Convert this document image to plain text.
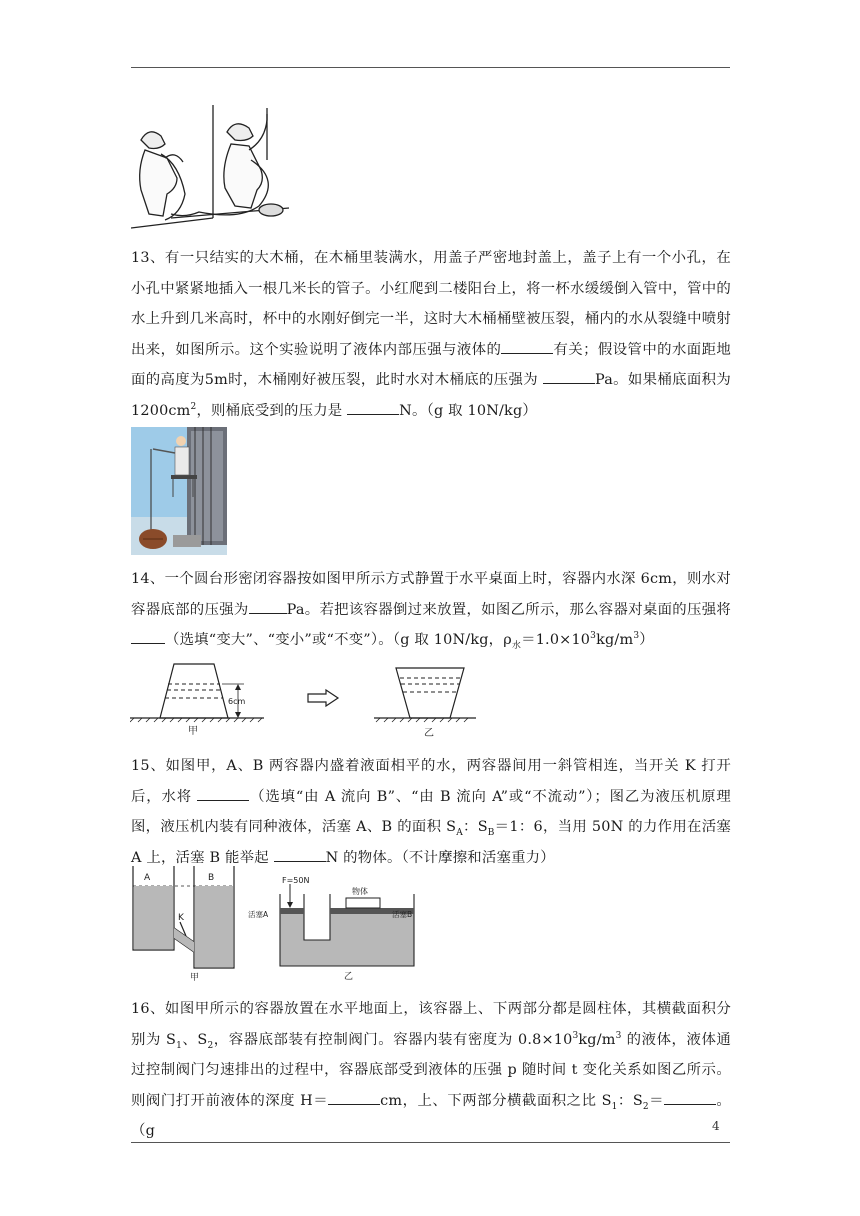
13、有一只结实的大木桶，在木桶里装满水，用盖子严密地封盖上，盖子上有一个小孔，在小孔中紧紧地插入一根几米长的管子。小红爬到二楼阳台上，将一杯水缓缓倒入管中，管中的水上升到几米高时，杯中的水刚好倒完一半，这时大木桶桶壁被压裂，桶内的水从裂缝中喷射出来，如图所示。这个实验说明了液体内部压强与液体的	有关；假设管中的水面距地面的高度为5m时，木桶刚好被压裂，此时水对木桶底的压强为	Pa。如果桶底面积为$1200cm^2$，则桶底受到的压力是	N。（g 取 10N/kg）
14、一个圆台形密闭容器按如图甲所示方式静置于水平桌面上时，容器内水深 6cm，则水对容器底部的压强为	Pa。若把该容器倒过来放置，如图乙所示，那么容器对桌面的压强将（选填“变大”、“变小”或“不变”）。（g 取 10N/kg，$\rho_水=1.0\times 10^3kg/m^3$）
6cm
甲	乙
15、如图甲，A、B 两容器内盛着液面相平的水，两容器间用一斜管相连，当开关 K 打开后，水将	（选填“由 A 流向 B”、“由 B 流向 A”或“不流动”）；图乙为液压机原理图，液压机内装有同种液体，活塞 A、B 的面积 $S_A$：$S_B=1$：6，当用 50N 的力作用在活塞 A 上，活塞 B 能举起	N 的物体。（不计摩擦和活塞重力）
A	B
K
甲
F=50N
物体
活塞A	活塞B
乙
16、如图甲所示的容器放置在水平地面上，该容器上、下两部分都是圆柱体，其横截面积分别为 $S_1$、$S_2$，容器底部装有控制阀门。容器内装有密度为 $0.8\times 10^3kg/m^3$ 的液体，液体通过控制阀门匀速排出的过程中，容器底部受到液体的压强 p 随时间 t 变化关系如图乙所示。则阀门打开前液体的深度 H＝	cm，上、下两部分横截面积之比 $S_1$：$S_2=$	。（g	4
